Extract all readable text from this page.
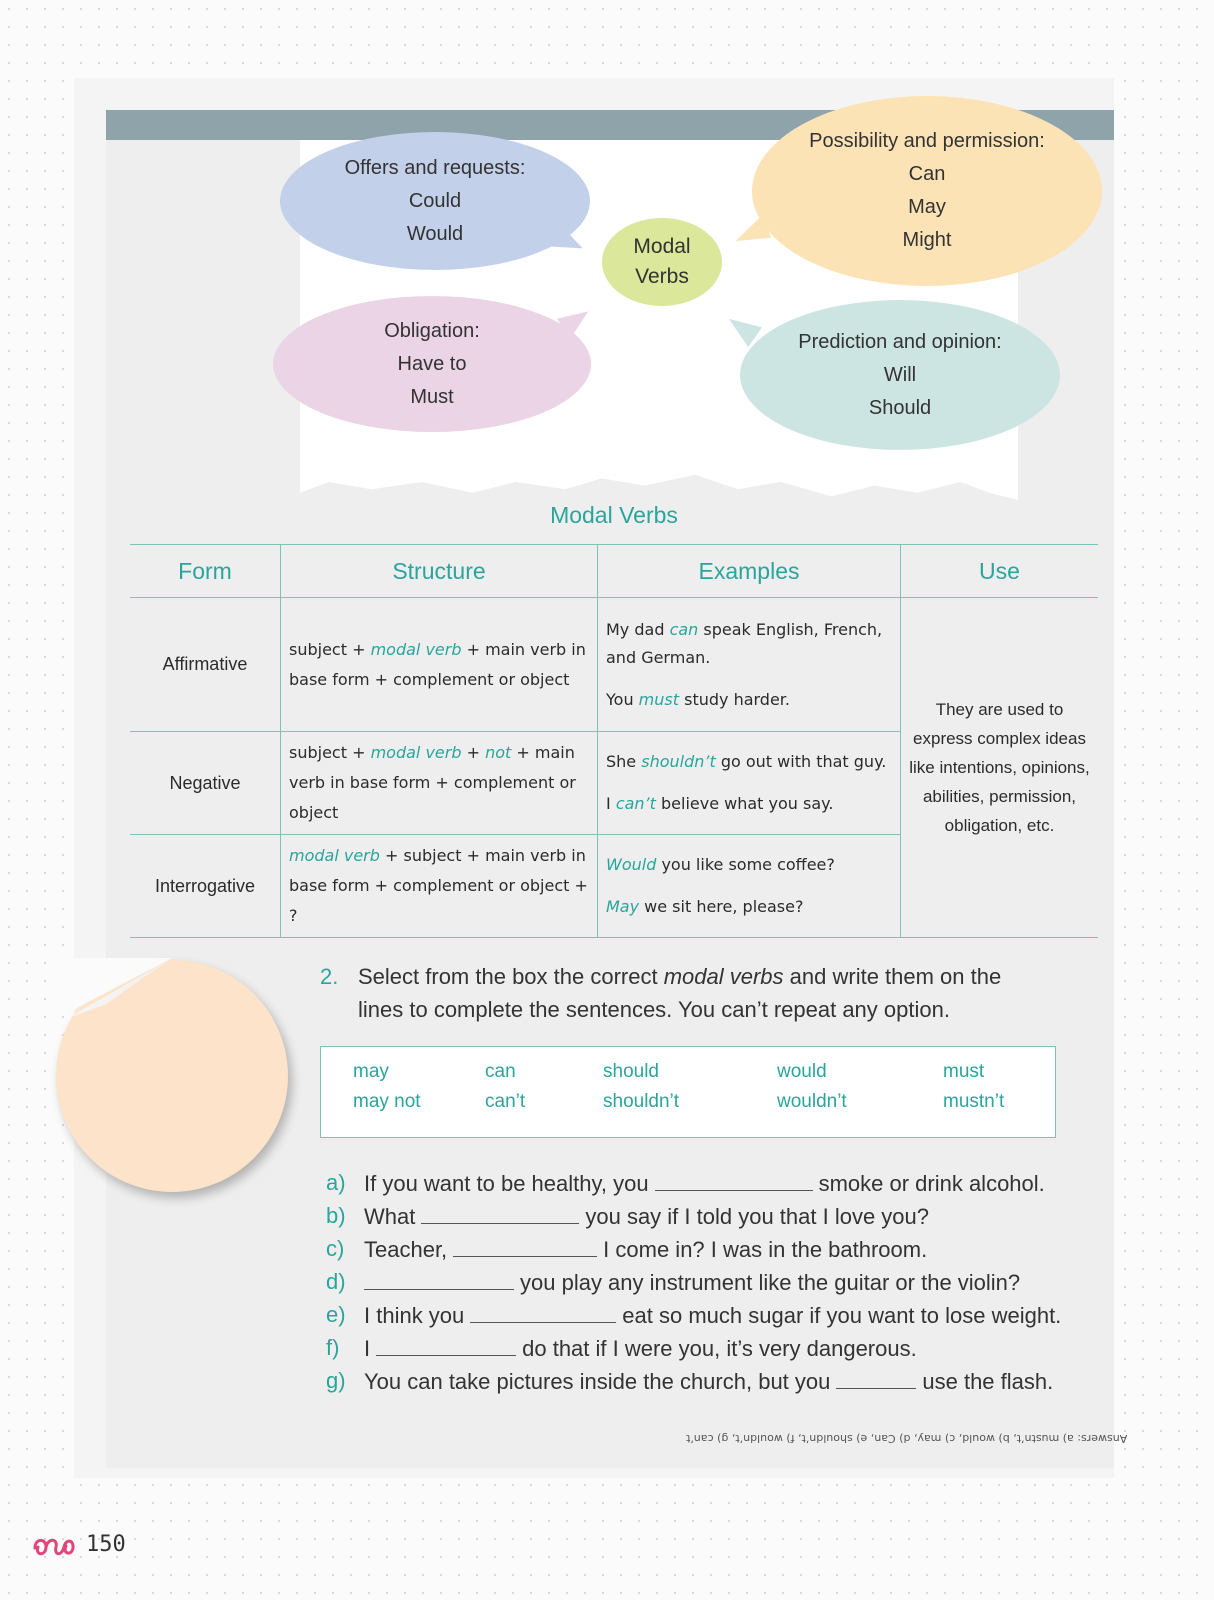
Offers and requests:
Could
Would
Obligation:
Have to
Must
Possibility and permission:
Can
May
Might
Prediction and opinion:
Will
Should
Modal
Verbs
Modal Verbs
Form	Structure	Examples	Use
Affirmative	subject + modal verb + main verb in base form + complement or object	My dad can speak English, French, and German.
You must study harder.	They are used to express complex ideas like intentions, opinions, abilities, permission, obligation, etc.
Negative	subject + modal verb + not + main verb in base form + complement or object	She shouldn’t go out with that guy.
I can’t believe what you say.	

Interrogative	modal verb + subject + main verb in base form + complement or object + ?	Would you like some coffee?
May we sit here, please?	
2. Select from the box the correct modal verbs and write them on the lines to complete the sentences. You can’t repeat any option.
may	can	should	would	must
may not	can’t	shouldn’t	wouldn’t	mustn’t
a) If you want to be healthy, you	smoke or drink alcohol.
b) What	you say if I told you that I love you?
c) Teacher,	I come in? I was in the bathroom.
d)	you play any instrument like the guitar or the violin?
e) I think you	eat so much sugar if you want to lose weight.
f) I	do that if I were you, it’s very dangerous.
g) You can take pictures inside the church, but you	use the flash.
Answers: a) mustn’t, b) would, c) may, d) Can, e) shouldn’t, f) wouldn’t, g) can’t
150
